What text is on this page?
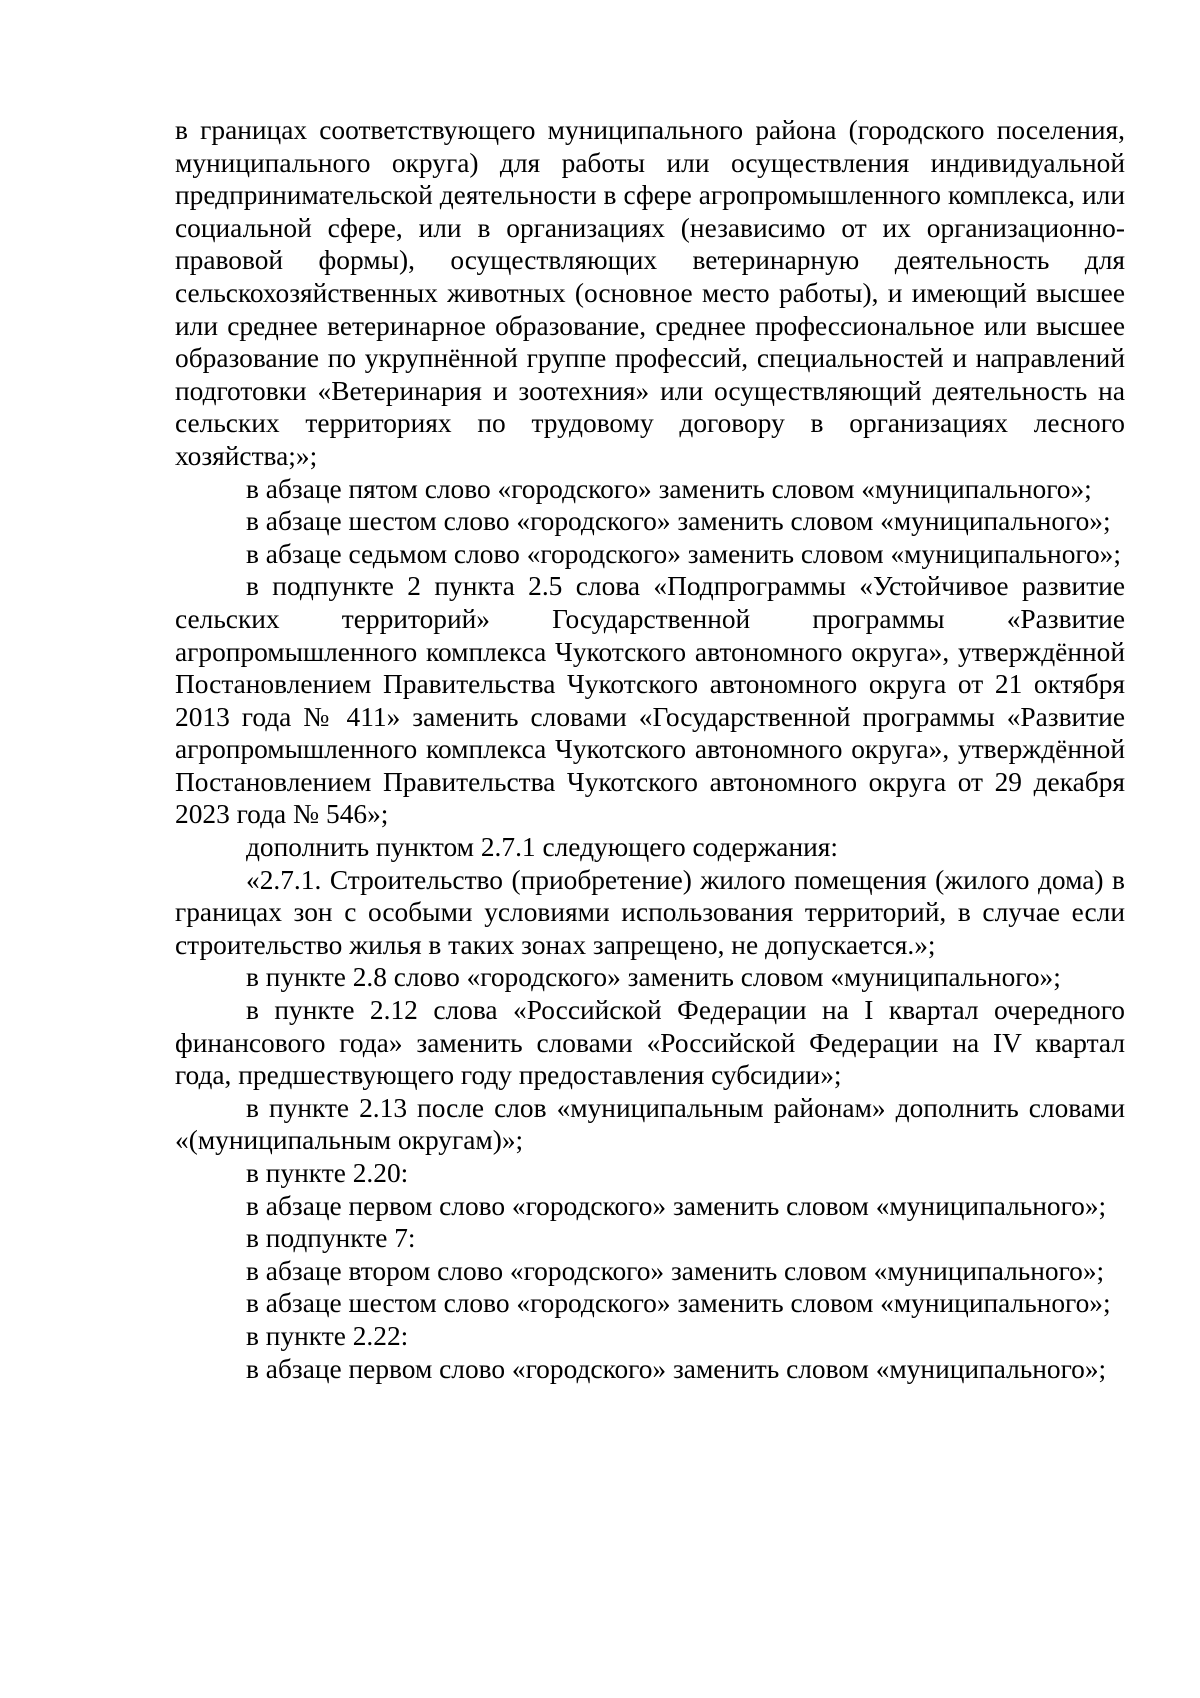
в границах соответствующего муниципального района (городского поселения, муниципального округа) для работы или осуществления индивидуальной предпринимательской деятельности в сфере агропромышленного комплекса, или социальной сфере, или в организациях (независимо от их организационно-правовой формы), осуществляющих ветеринарную деятельность для сельскохозяйственных животных (основное место работы), и имеющий высшее или среднее ветеринарное образование, среднее профессиональное или высшее образование по укрупнённой группе профессий, специальностей и направлений подготовки «Ветеринария и зоотехния» или осуществляющий деятельность на сельских территориях по трудовому договору в организациях лесного хозяйства;»;

в абзаце пятом слово «городского» заменить словом «муниципального»;

в абзаце шестом слово «городского» заменить словом «муниципального»;

в абзаце седьмом слово «городского» заменить словом «муниципального»;

в подпункте 2 пункта 2.5 слова «Подпрограммы «Устойчивое развитие сельских территорий» Государственной программы «Развитие агропромышленного комплекса Чукотского автономного округа», утверждённой Постановлением Правительства Чукотского автономного округа от 21 октября 2013 года № 411» заменить словами «Государственной программы «Развитие агропромышленного комплекса Чукотского автономного округа», утверждённой Постановлением Правительства Чукотского автономного округа от 29 декабря 2023 года № 546»;

дополнить пунктом 2.7.1 следующего содержания:

«2.7.1. Строительство (приобретение) жилого помещения (жилого дома) в границах зон с особыми условиями использования территорий, в случае если строительство жилья в таких зонах запрещено, не допускается.»;

в пункте 2.8 слово «городского» заменить словом «муниципального»;

в пункте 2.12 слова «Российской Федерации на I квартал очередного финансового года» заменить словами «Российской Федерации на IV квартал года, предшествующего году предоставления субсидии»;

в пункте 2.13 после слов «муниципальным районам» дополнить словами «(муниципальным округам)»;

в пункте 2.20:

в абзаце первом слово «городского» заменить словом «муниципального»;

в подпункте 7:

в абзаце втором слово «городского» заменить словом «муниципального»;

в абзаце шестом слово «городского» заменить словом «муниципального»;

в пункте 2.22:

в абзаце первом слово «городского» заменить словом «муниципального»;
